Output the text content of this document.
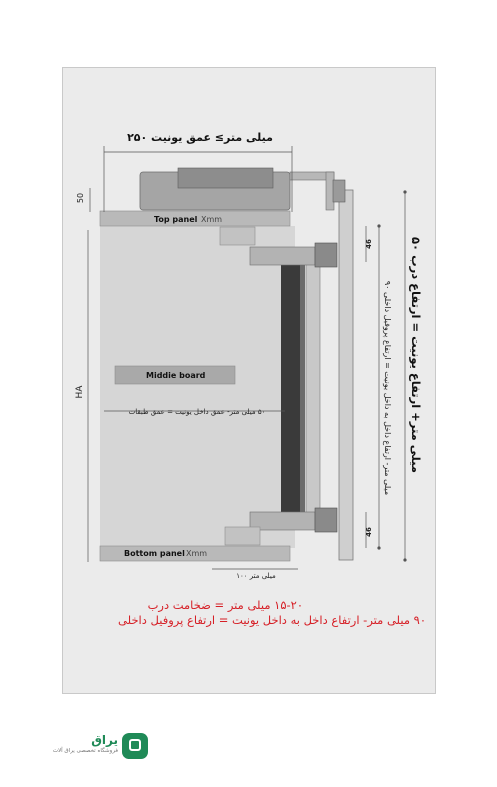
۲۵۰ میلی متر≥ عمق یونیت
50
HA
46
46
۹۰ میلی متر- ارتفاع داخل به داخل یونیت = ارتفاع پروفیل داخلی
۵۰ میلی متر+ ارتفاع یونیت = ارتفاع درب
۵۰ میلی متر- عمق داخل یونیت = عمق طبقات
۱۰۰ میلی متر
Top panel Xmm
Middie board
Bottom panel Xmm
۱۵-۲۰ میلی متر = ضخامت درب
۹۰ میلی متر- ارتفاع داخل به داخل یونیت = ارتفاع پروفیل داخلی
یراق
فروشگاه تخصصی یراق آلات
